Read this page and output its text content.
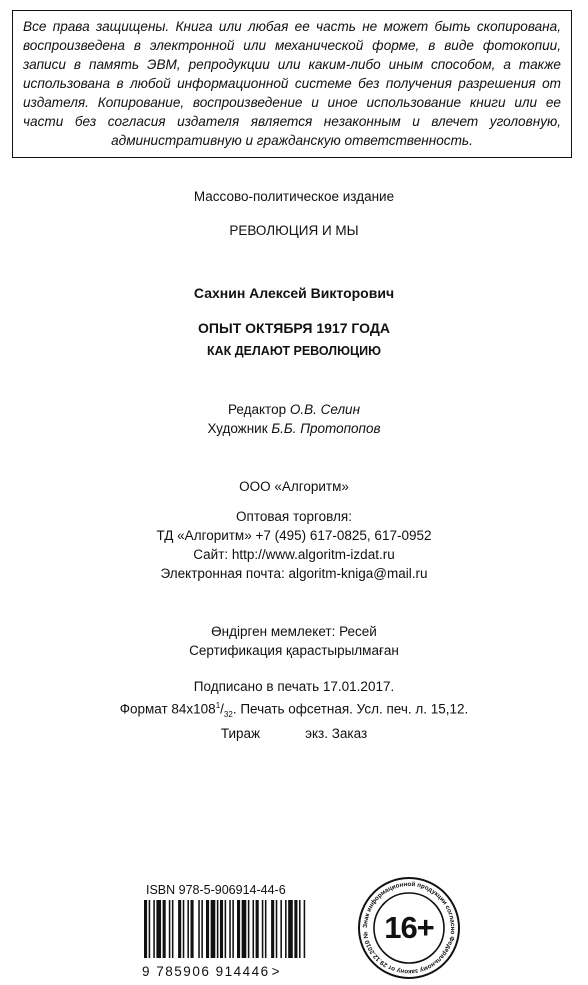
Все права защищены. Книга или любая ее часть не может быть скопирована, воспроизведена в электронной или механической форме, в виде фотокопии, записи в память ЭВМ, репродукции или каким-либо иным способом, а также использована в любой информационной системе без получения разрешения от издателя. Копирование, воспроизведение и иное использование книги или ее части без согласия издателя является незаконным и влечет уголовную, административную и гражданскую ответственность.

Массово-политическое издание
РЕВОЛЮЦИЯ И МЫ
Сахнин Алексей Викторович
ОПЫТ ОКТЯБРЯ 1917 ГОДА
КАК ДЕЛАЮТ РЕВОЛЮЦИЮ
Редактор О.В. Селин
Художник Б.Б. Протопопов
ООО «Алгоритм»
Оптовая торговля:
ТД «Алгоритм» +7 (495) 617-0825, 617-0952
Сайт: http://www.algoritm-izdat.ru
Электронная почта: algoritm-kniga@mail.ru
Өндірген мемлекет: Ресей
Сертификация қарастырылмаған
Подписано в печать 17.01.2017.
Формат $84х108^1/_{32}$. Печать офсетная. Усл. печ. л. 15,12.
Тираж	экз. Заказ
ISBN 978-5-906914-44-6
9 785906 914446 >
Знак информационной продукции согласно Федеральному закону от 29.12.2010 № 16+
